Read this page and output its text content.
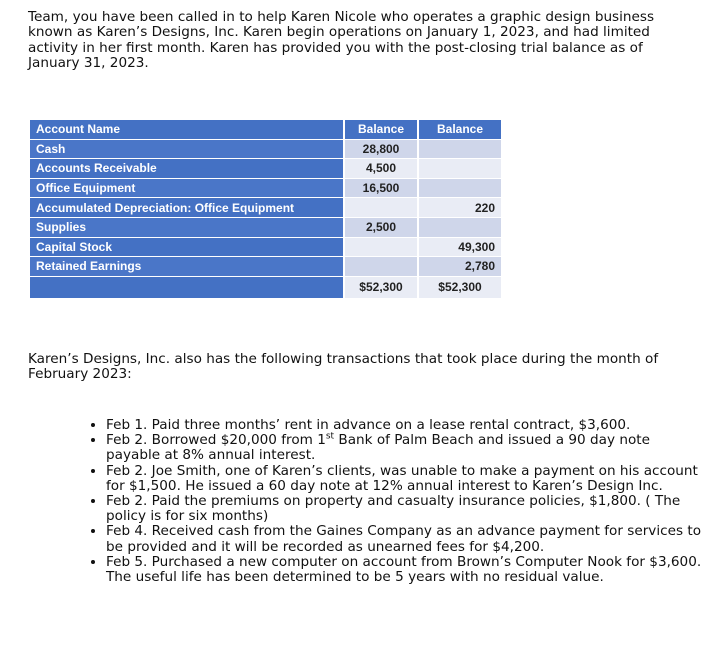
Team, you have been called in to help Karen Nicole who operates a graphic design business known as Karen’s Designs, Inc. Karen begin operations on January 1, 2023, and had limited activity in her first month. Karen has provided you with the post-closing trial balance as of January 31, 2023.

Account Name	Balance	Balance
Cash	28,800	
Accounts Receivable	4,500	
Office Equipment	16,500	
Accumulated Depreciation: Office Equipment		220
Supplies	2,500	
Capital Stock		49,300
Retained Earnings		2,780
	$52,300	$52,300

Karen’s Designs, Inc. also has the following transactions that took place during the month of February 2023:

• Feb 1. Paid three months’ rent in advance on a lease rental contract, $3,600.
• Feb 2. Borrowed $20,000 from 1st Bank of Palm Beach and issued a 90 day note payable at 8% annual interest.
• Feb 2. Joe Smith, one of Karen’s clients, was unable to make a payment on his account for $1,500. He issued a 60 day note at 12% annual interest to Karen’s Design Inc.
• Feb 2. Paid the premiums on property and casualty insurance policies, $1,800. ( The policy is for six months)
• Feb 4. Received cash from the Gaines Company as an advance payment for services to be provided and it will be recorded as unearned fees for $4,200.
• Feb 5. Purchased a new computer on account from Brown’s Computer Nook for $3,600. The useful life has been determined to be 5 years with no residual value.
